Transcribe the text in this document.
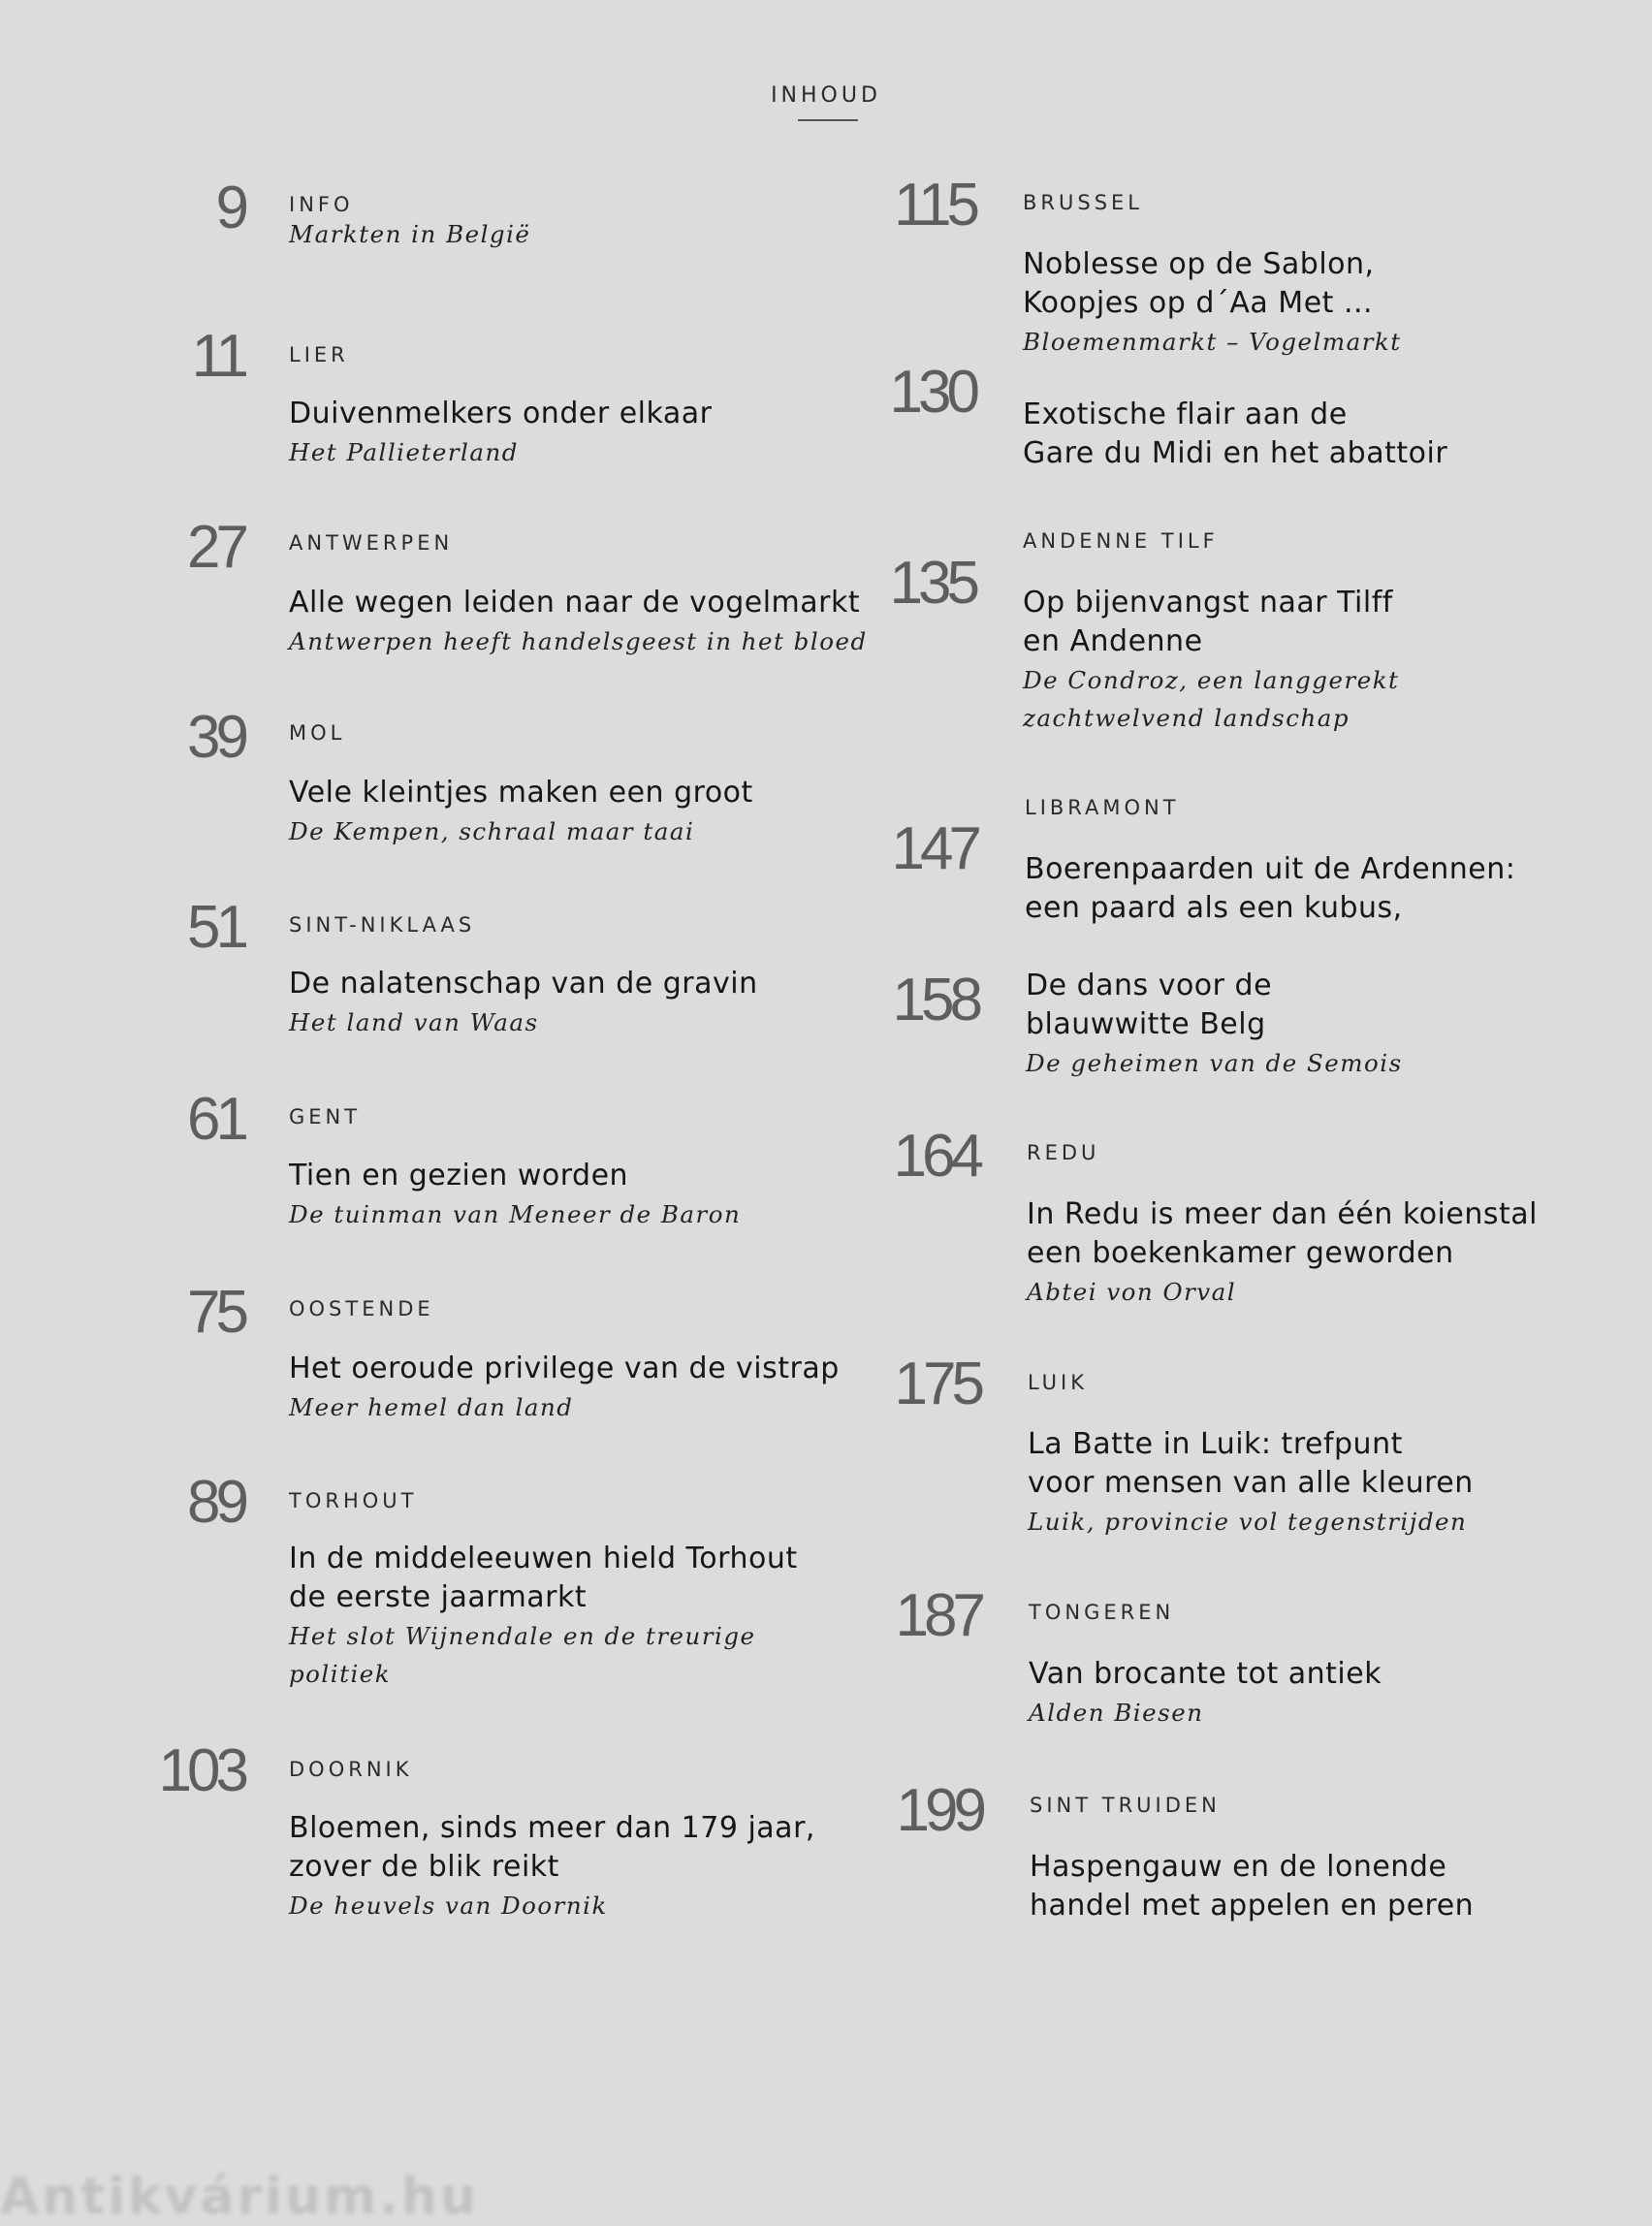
INHOUD
9 INFO
Markten in België
11 LIER
Duivenmelkers onder elkaar
Het Pallieterland
27 ANTWERPEN
Alle wegen leiden naar de vogelmarkt
Antwerpen heeft handelsgeest in het bloed
39 MOL
Vele kleintjes maken een groot
De Kempen, schraal maar taai
51 SINT-NIKLAAS
De nalatenschap van de gravin
Het land van Waas
61 GENT
Tien en gezien worden
De tuinman van Meneer de Baron
75 OOSTENDE
Het oeroude privilege van de vistrap
Meer hemel dan land
89 TORHOUT
In de middeleeuwen hield Torhout
de eerste jaarmarkt
Het slot Wijnendale en de treurige
politiek
103 DOORNIK
Bloemen, sinds meer dan 179 jaar,
zover de blik reikt
De heuvels van Doornik
115 BRUSSEL
Noblesse op de Sablon,
Koopjes op d´Aa Met ...
Bloemenmarkt – Vogelmarkt
130 Exotische flair aan de
Gare du Midi en het abattoir
135
ANDENNE TILF
Op bijenvangst naar Tilff
en Andenne
De Condroz, een langgerekt
zachtwelvend landschap
147
LIBRAMONT
Boerenpaarden uit de Ardennen:
een paard als een kubus,
158 De dans voor de
blauwwitte Belg
De geheimen van de Semois
164 REDU
In Redu is meer dan één koienstal
een boekenkamer geworden
Abtei von Orval
175 LUIK
La Batte in Luik: trefpunt
voor mensen van alle kleuren
Luik, provincie vol tegenstrijden
187 TONGEREN
Van brocante tot antiek
Alden Biesen
199 SINT TRUIDEN
Haspengauw en de lonende
handel met appelen en peren
Antikvárium.hu
